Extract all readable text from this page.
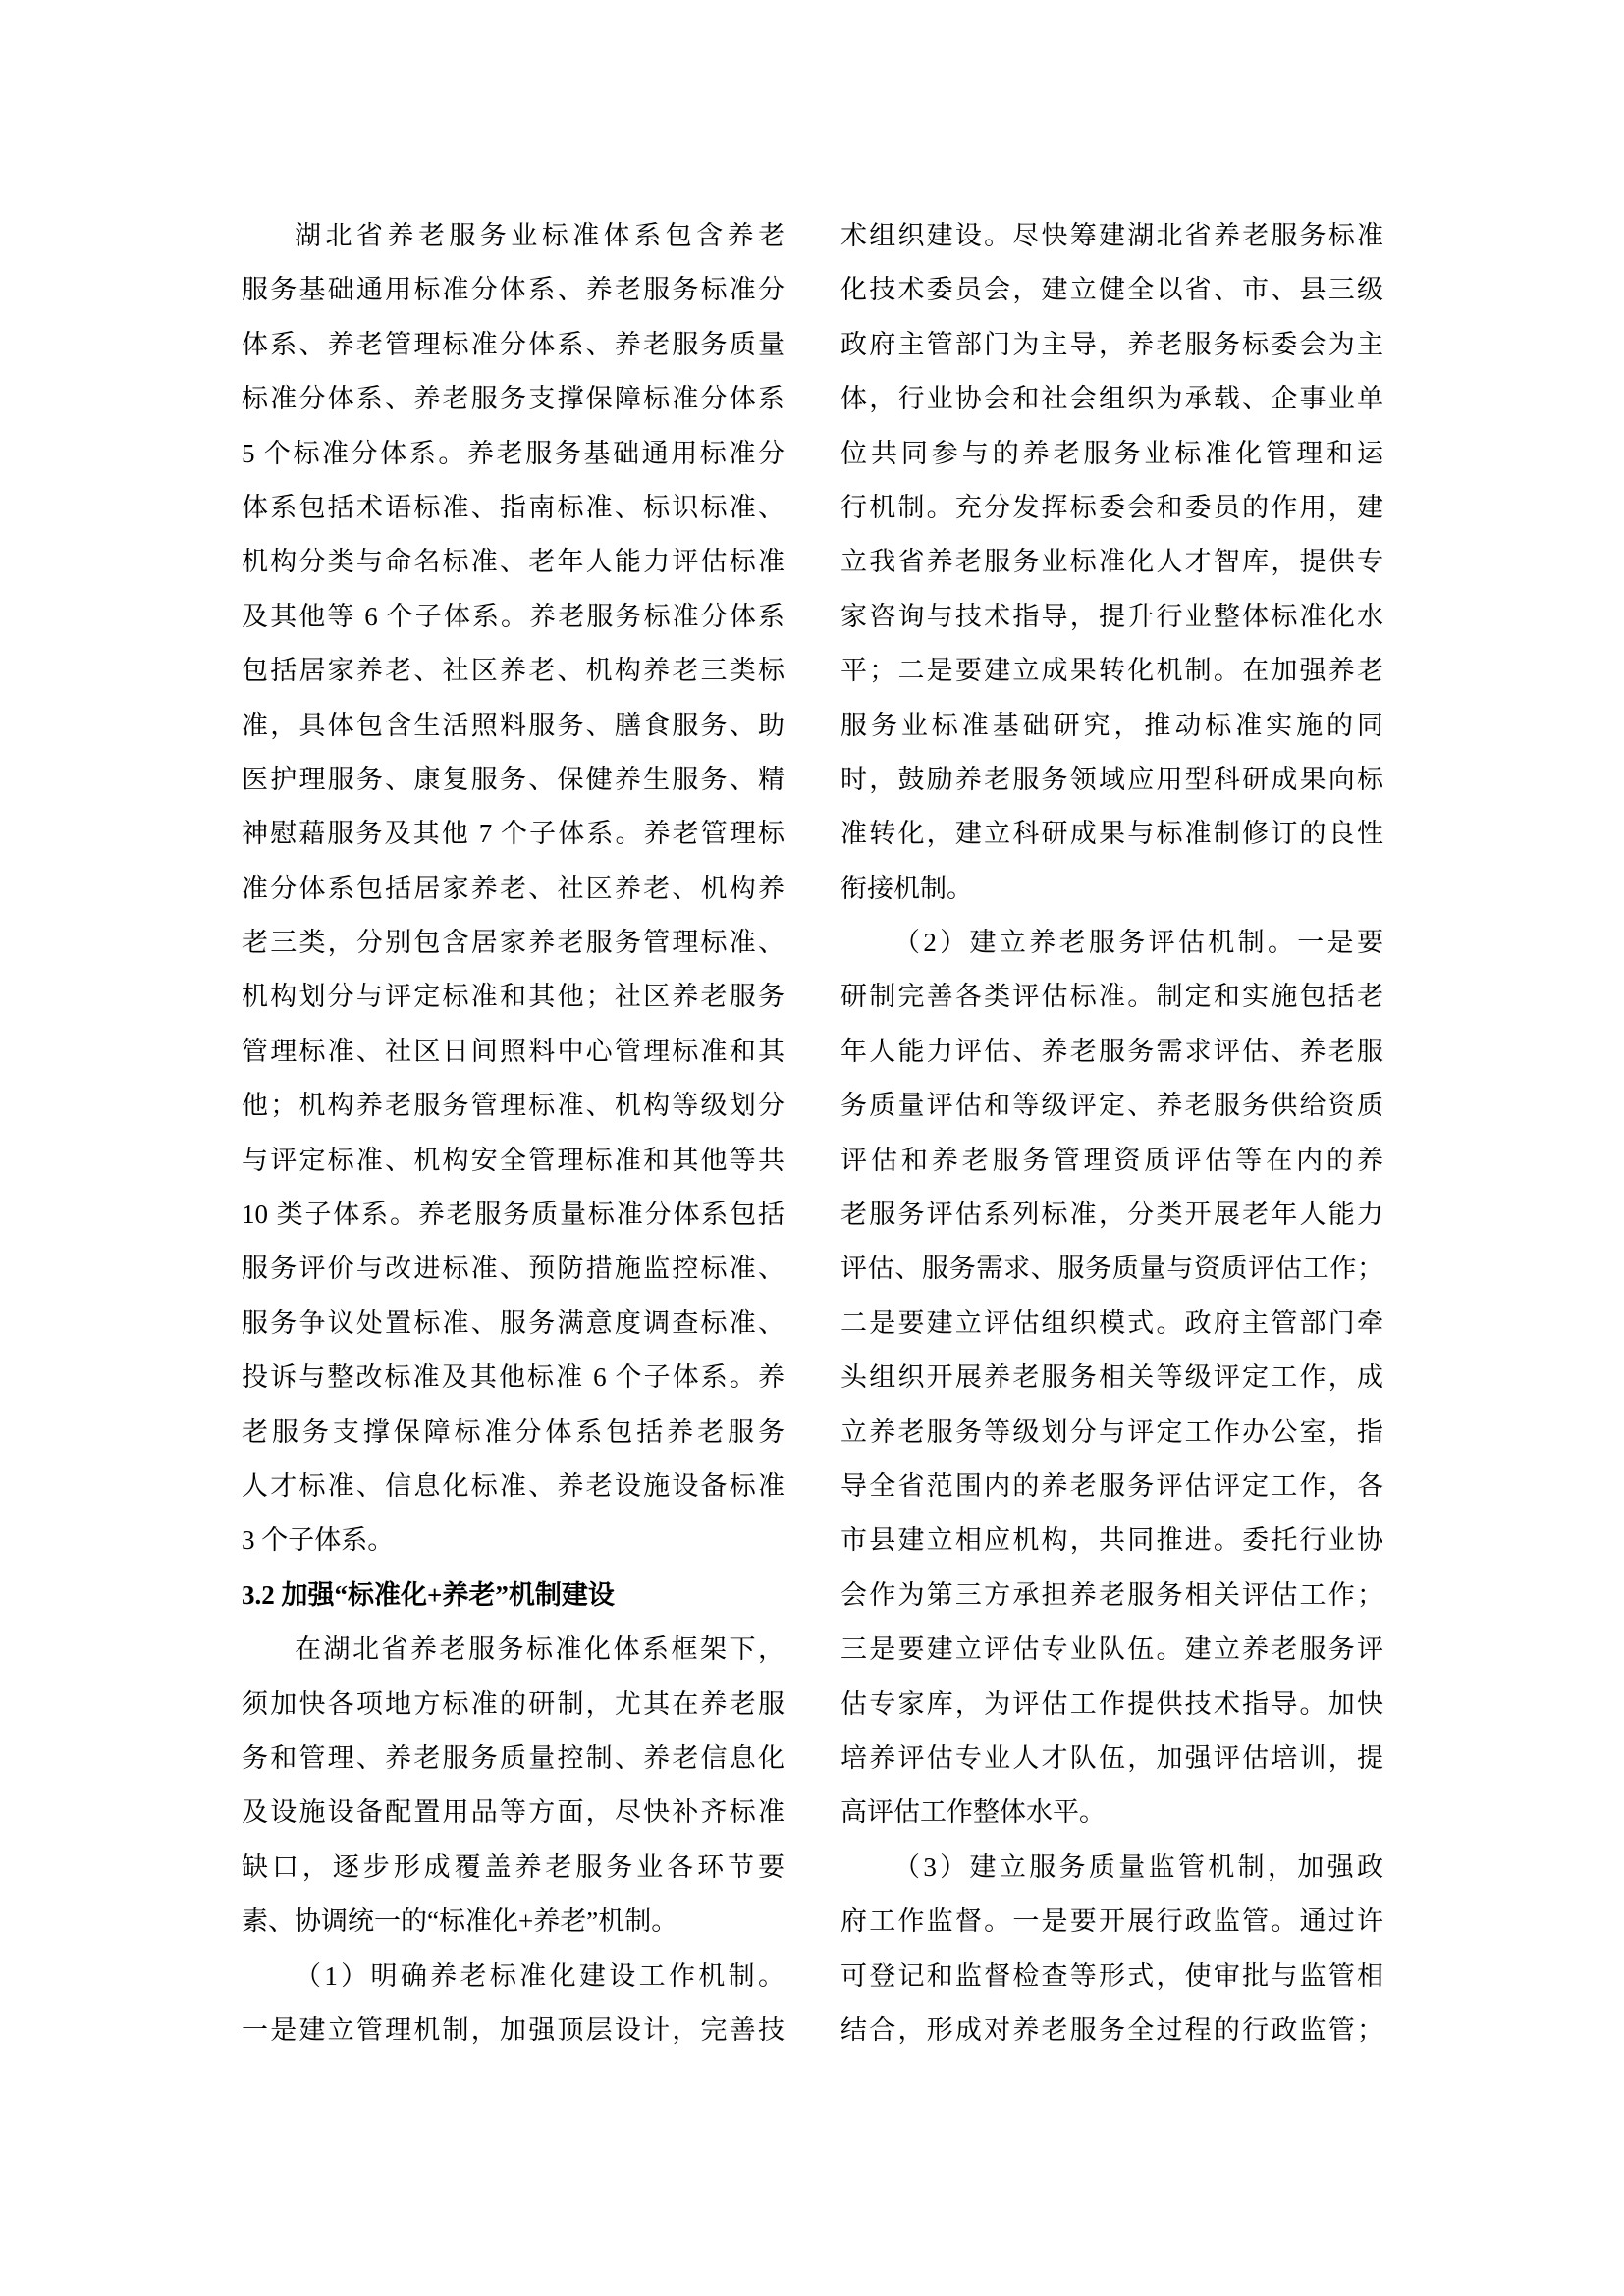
湖北省养老服务业标准体系包含养老
服务基础通用标准分体系、养老服务标准分
体系、养老管理标准分体系、养老服务质量
标准分体系、养老服务支撑保障标准分体系
5 个标准分体系。养老服务基础通用标准分
体系包括术语标准、指南标准、标识标准、
机构分类与命名标准、老年人能力评估标准
及其他等 6 个子体系。养老服务标准分体系
包括居家养老、社区养老、机构养老三类标
准，具体包含生活照料服务、膳食服务、助
医护理服务、康复服务、保健养生服务、精
神慰藉服务及其他 7 个子体系。养老管理标
准分体系包括居家养老、社区养老、机构养
老三类，分别包含居家养老服务管理标准、
机构划分与评定标准和其他；社区养老服务
管理标准、社区日间照料中心管理标准和其
他；机构养老服务管理标准、机构等级划分
与评定标准、机构安全管理标准和其他等共
10 类子体系。养老服务质量标准分体系包括
服务评价与改进标准、预防措施监控标准、
服务争议处置标准、服务满意度调查标准、
投诉与整改标准及其他标准 6 个子体系。养
老服务支撑保障标准分体系包括养老服务
人才标准、信息化标准、养老设施设备标准
3 个子体系。
3.2 加强“标准化+养老”机制建设
在湖北省养老服务标准化体系框架下，
须加快各项地方标准的研制，尤其在养老服
务和管理、养老服务质量控制、养老信息化
及设施设备配置用品等方面，尽快补齐标准
缺口，逐步形成覆盖养老服务业各环节要
素、协调统一的“标准化+养老”机制。
（1）明确养老标准化建设工作机制。
一是建立管理机制，加强顶层设计，完善技
术组织建设。尽快筹建湖北省养老服务标准
化技术委员会，建立健全以省、市、县三级
政府主管部门为主导，养老服务标委会为主
体，行业协会和社会组织为承载、企事业单
位共同参与的养老服务业标准化管理和运
行机制。充分发挥标委会和委员的作用，建
立我省养老服务业标准化人才智库，提供专
家咨询与技术指导，提升行业整体标准化水
平；二是要建立成果转化机制。在加强养老
服务业标准基础研究，推动标准实施的同
时，鼓励养老服务领域应用型科研成果向标
准转化，建立科研成果与标准制修订的良性
衔接机制。
（2）建立养老服务评估机制。一是要
研制完善各类评估标准。制定和实施包括老
年人能力评估、养老服务需求评估、养老服
务质量评估和等级评定、养老服务供给资质
评估和养老服务管理资质评估等在内的养
老服务评估系列标准，分类开展老年人能力
评估、服务需求、服务质量与资质评估工作；
二是要建立评估组织模式。政府主管部门牵
头组织开展养老服务相关等级评定工作，成
立养老服务等级划分与评定工作办公室，指
导全省范围内的养老服务评估评定工作，各
市县建立相应机构，共同推进。委托行业协
会作为第三方承担养老服务相关评估工作；
三是要建立评估专业队伍。建立养老服务评
估专家库，为评估工作提供技术指导。加快
培养评估专业人才队伍，加强评估培训，提
高评估工作整体水平。
（3）建立服务质量监管机制，加强政
府工作监督。一是要开展行政监管。通过许
可登记和监督检查等形式，使审批与监管相
结合，形成对养老服务全过程的行政监管；
